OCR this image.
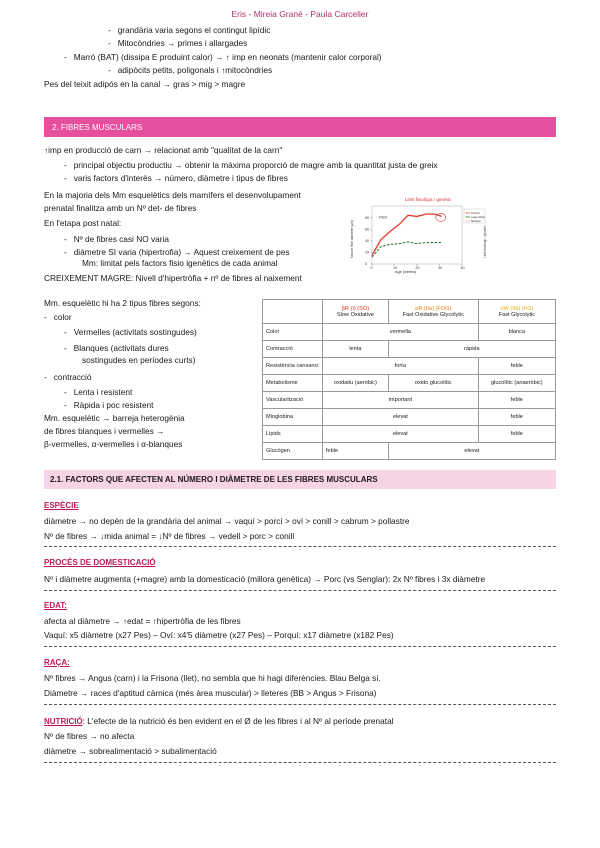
Eris - Mireia Grané - Paula Carceller
-   grandària varia segons el contingut lipídic
-   Mitocòndries → primes i allargades
-   Marró (BAT) (dissipa E produint calor) → ↑ imp en neonats (mantenir calor corporal)
-   adipòcits petits, poligonals i ↑mitocòndries
Pes del teixit adipós en la canal → gras > mig > magre
2. FIBRES MUSCULARS
↑imp en producció de carn → relacionat amb "qualitat de la carn"
-   principal objectiu productiu → obtenir la màxima proporció de magre amb la quantitat justa de greix
-   varis factors d'interès → número, diàmetre i tipus de fibres
En la majoria dels Mm esquelètics dels mamífers el desenvolupament
prenatal finalitza amb un Nº det- de fibres
En l'etapa post natal:
-   Nº de fibres casi NO varia
-   diàmetre SI varia (hipertrofia) → Aquest creixement de pes
Mm: limitat pels factors fisio igenètics de cada animal
CREIXEMENT MAGRE: Nivell d'hipertròfia + nº de fibres al naixement
Limit fisiològic i genètic
0	10	20	30	40
0
20
40
60
80	Pietr
Age (weeks)
Muscle fibre diameter (µm)	Limit fisiològic i genètic
Pietrain
Large White
Meishan
Mm. esquelètic hi ha 2 tipus fibres segons:
-   color
-   Vermelles (activitats sostingudes)
-   Blanques (activitats dures
sostingudes en períodes curts)
-   contracció
-   Lenta i resistent
-   Ràpida i poc resistent
Mm. esquelètic → barreja heterogènia
de fibres blanques i vermelles →
β-vermelles, α-vermelles i α-blanques
	βR (I) (SO)
Slow Oxidative	αR (IIa) (FOG)
Fast Oxidative Glycolytic	αW (IIb) (FG)
Fast Glycolytic
Color	vermella		blanca
Contracció	lenta	ràpida	
Resistència cansanci	forta		feble
Metabolisme	oxidatiu (aeròbic)	oxido glucolític	glucolític (anaeròbic)
Vascularització	important		feble
Mioglobina	elevat		feble
Lipids	elevat		feble
Glucògen	feble	elevat	
2.1. FACTORS QUE AFECTEN AL NÚMERO I DIÀMETRE DE LES FIBRES MUSCULARS
ESPÈCIE
diàmetre → no depèn de la grandària del animal → vaquí > porcí > oví > conill > cabrum > pollastre
Nº de fibres → ↓mida animal = ↓Nº de fibres → vedell > porc > conill
PROCÉS DE DOMESTICACIÓ
Nº i diàmetre augmenta (+magre) amb la domesticació (millora genètica) → Porc (vs Senglar): 2x Nº fibres i 3x diàmetre
EDAT:
afecta al diàmetre → ↑edat = ↑hipertròfia de les fibres
Vaquí: x5 diàmetre (x27 Pes) – Oví: x4'5 diàmetre (x27 Pes) – Porquí: x17 diàmetre (x182 Pes)
RAÇA:
Nº fibres → Angus (carn) i la Frisona (llet), no sembla que hi hagi diferències. Blau Belga sí.
Diàmetre → races d'aptitud càrnica (més àrea muscular) > lleteres (BB > Angus > Frisona)
NUTRICIÓ: L'efecte de la nutrició és ben evident en el Ø de les fibres i al Nº al període prenatal
Nº de fibres → no afecta
diàmetre → sobrealimentació > subalimentació
